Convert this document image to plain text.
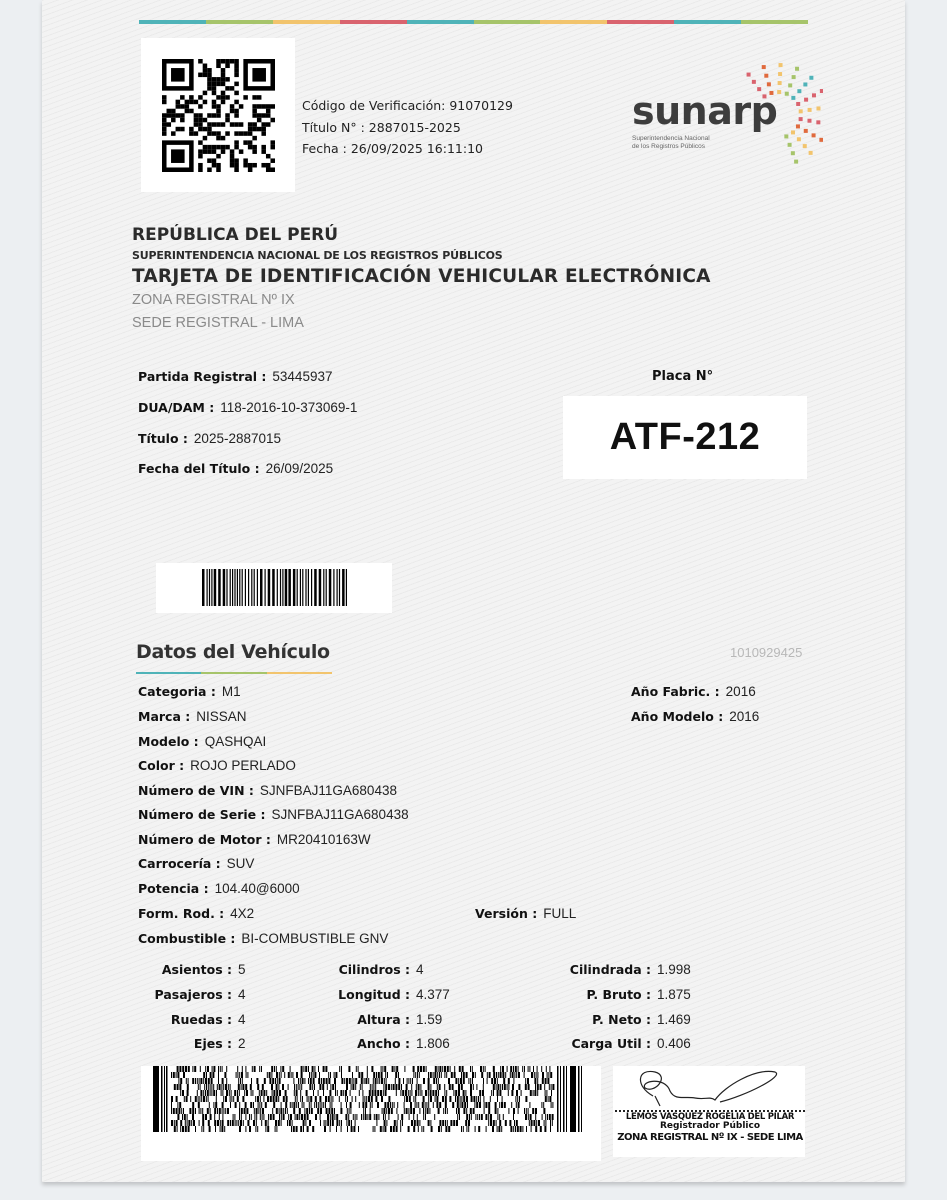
Código de Verificación: 91070129
Título N° : 2887015-2025
Fecha : 26/09/2025 16:11:10
sunarp
Superintendencia Nacional
de los Registros Públicos
REPÚBLICA DEL PERÚ
SUPERINTENDENCIA NACIONAL DE LOS REGISTROS PÚBLICOS
TARJETA DE IDENTIFICACIÓN VEHICULAR ELECTRÓNICA
ZONA REGISTRAL Nº IX
SEDE REGISTRAL - LIMA
Partida Registral : 53445937
DUA/DAM : 118-2016-10-373069-1
Título : 2025-2887015
Fecha del Título : 26/09/2025
Placa N°
ATF-212
Datos del Vehículo	1010929425
Categoria : M1
Marca : NISSAN
Modelo : QASHQAI
Color : ROJO PERLADO
Número de VIN : SJNFBAJ11GA680438
Número de Serie : SJNFBAJ11GA680438
Número de Motor : MR20410163W
Carrocería : SUV
Potencia : 104.40@6000
Form. Rod. : 4X2	Versión : FULL
Combustible : BI-COMBUSTIBLE GNV
Año Fabric. : 2016
Año Modelo : 2016
Asientos : 5
Pasajeros : 4
Ruedas : 4
Ejes : 2
Cilindros : 4
Longitud : 4.377
Altura : 1.59
Ancho : 1.806
Cilindrada : 1.998
P. Bruto : 1.875
P. Neto : 1.469
Carga Util : 0.406
LEMOS VASQUEZ ROGELIA DEL PILAR
Registrador Público
ZONA REGISTRAL Nº IX - SEDE LIMA
